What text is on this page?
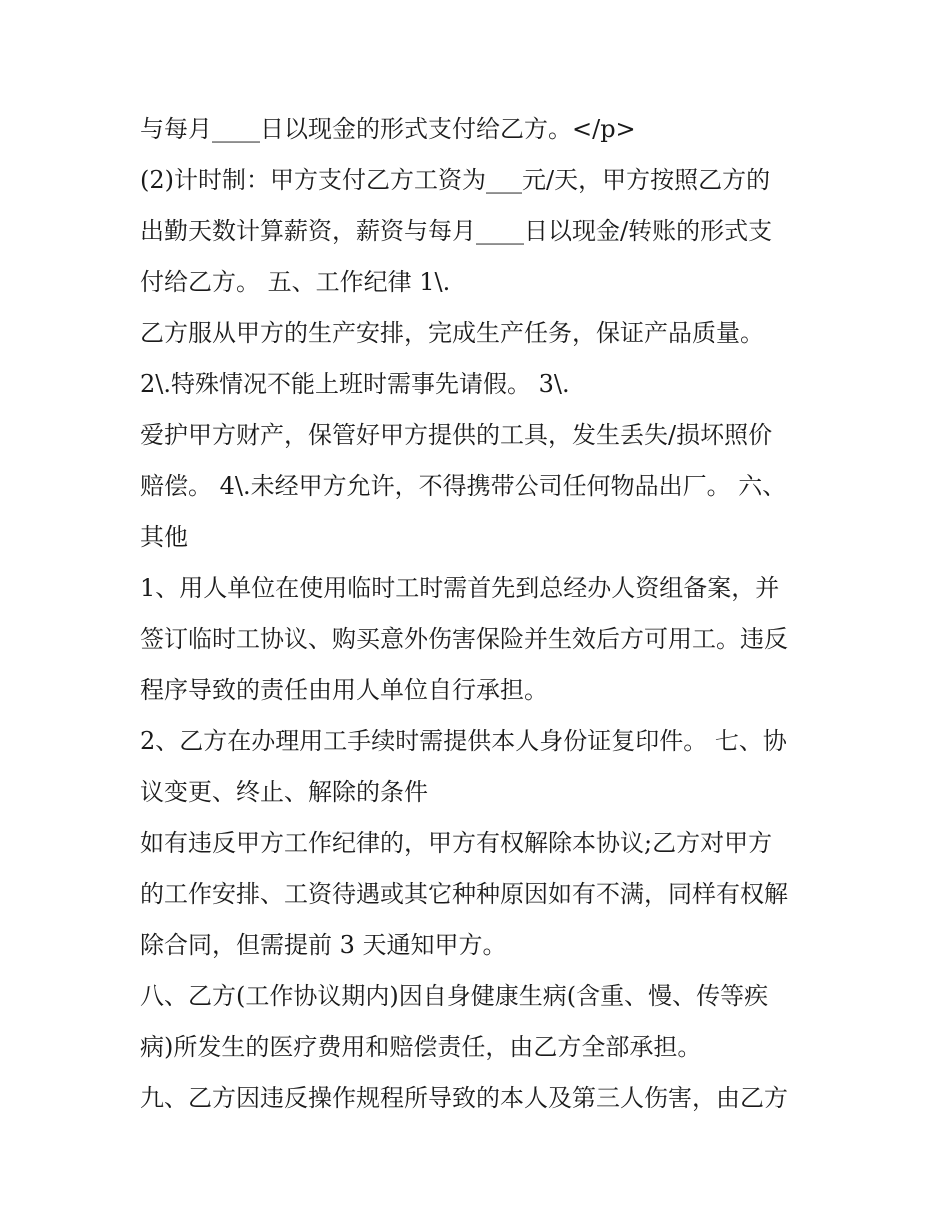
与每月____日以现金的形式支付给乙方。</p>
(2)计时制：甲方支付乙方工资为___元/天，甲方按照乙方的
出勤天数计算薪资，薪资与每月____日以现金/转账的形式支
付给乙方。 五、工作纪律 1\.
乙方服从甲方的生产安排，完成生产任务，保证产品质量。
2\.特殊情况不能上班时需事先请假。 3\.
爱护甲方财产，保管好甲方提供的工具，发生丢失/损坏照价
赔偿。 4\.未经甲方允许，不得携带公司任何物品出厂。 六、
其他
1、用人单位在使用临时工时需首先到总经办人资组备案，并
签订临时工协议、购买意外伤害保险并生效后方可用工。违反
程序导致的责任由用人单位自行承担。
2、乙方在办理用工手续时需提供本人身份证复印件。 七、协
议变更、终止、解除的条件
如有违反甲方工作纪律的，甲方有权解除本协议;乙方对甲方
的工作安排、工资待遇或其它种种原因如有不满，同样有权解
除合同，但需提前 3 天通知甲方。
八、乙方(工作协议期内)因自身健康生病(含重、慢、传等疾
病)所发生的医疗费用和赔偿责任，由乙方全部承担。
九、乙方因违反操作规程所导致的本人及第三人伤害，由乙方
